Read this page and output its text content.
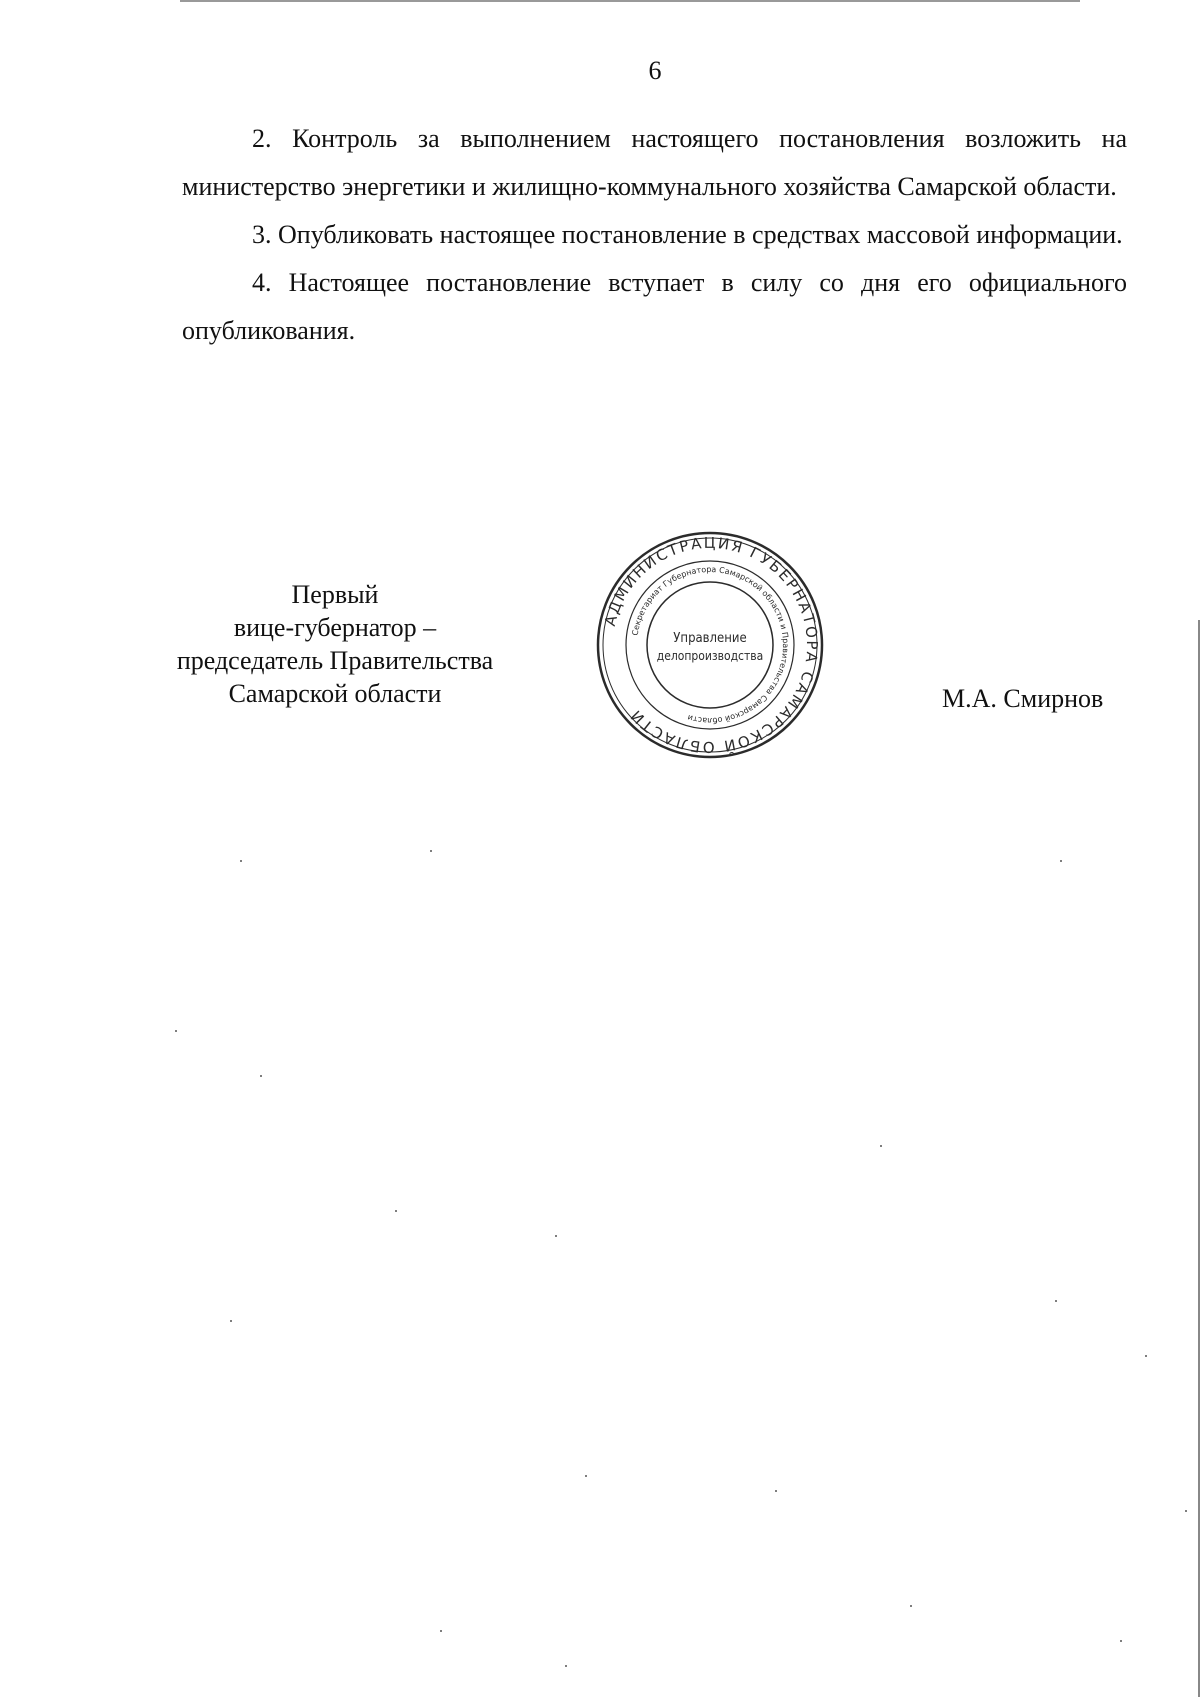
6

2. Контроль за выполнением настоящего постановления возложить на министерство энергетики и жилищно-коммунального хозяйства Самарской области.

3. Опубликовать настоящее постановление в средствах массовой информации.

4. Настоящее постановление вступает в силу со дня его официального опубликования.

Первый
вице-губернатор –
председатель Правительства
Самарской области
АДМИНИСТРАЦИЯ ГУБЕРНАТОРА САМАРСКОЙ ОБЛАСТИ
Секретариат Губернатора Самарской области и Правительства Самарской области
Управление
делопроизводства
М.А. Смирнов
